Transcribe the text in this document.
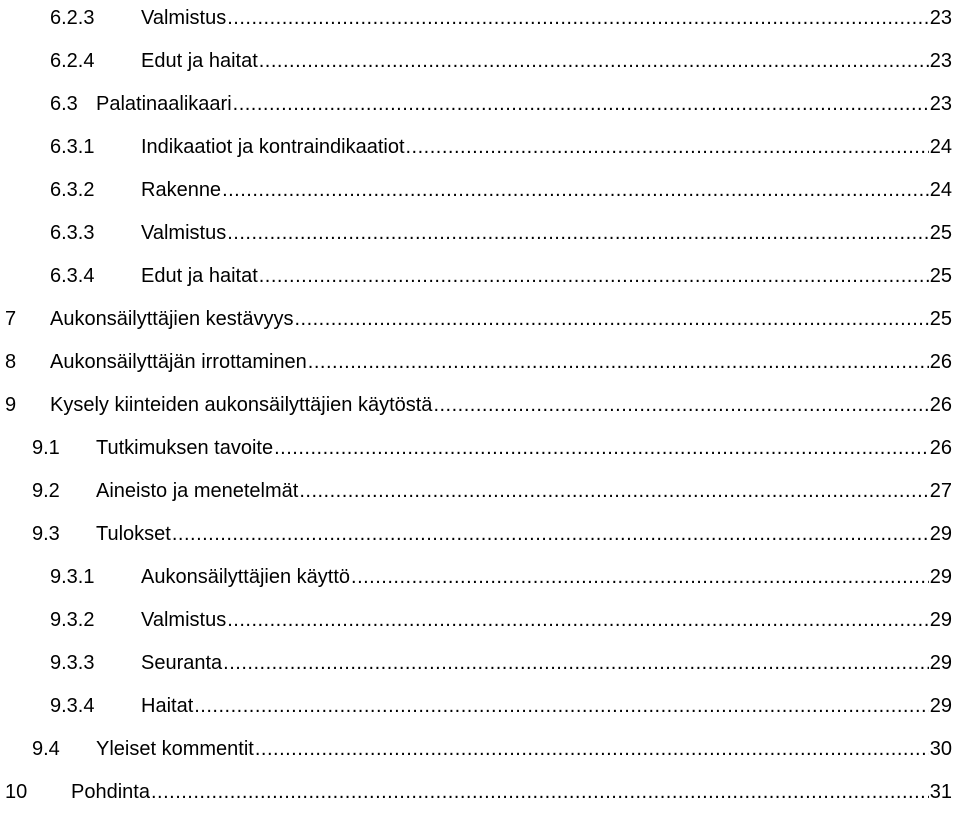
6.2.3	Valmistus .....	23
6.2.4	Edut ja haitat .....	23
6.3 Palatinaalikaari .....	23
6.3.1	Indikaatiot ja kontraindikaatiot .....	24
6.3.2	Rakenne .....	24
6.3.3	Valmistus .....	25
6.3.4	Edut ja haitat .....	25
7	Aukonsäilyttäjien kestävyys .....	25
8	Aukonsäilyttäjän irrottaminen .....	26
9	Kysely kiinteiden aukonsäilyttäjien käytöstä .....	26
9.1	Tutkimuksen tavoite .....	26
9.2	Aineisto ja menetelmät .....	27
9.3	Tulokset .....	29
9.3.1	Aukonsäilyttäjien käyttö .....	29
9.3.2	Valmistus .....	29
9.3.3	Seuranta .....	29
9.3.4	Haitat .....	29
9.4	Yleiset kommentit .....	30
10	Pohdinta .....	31
